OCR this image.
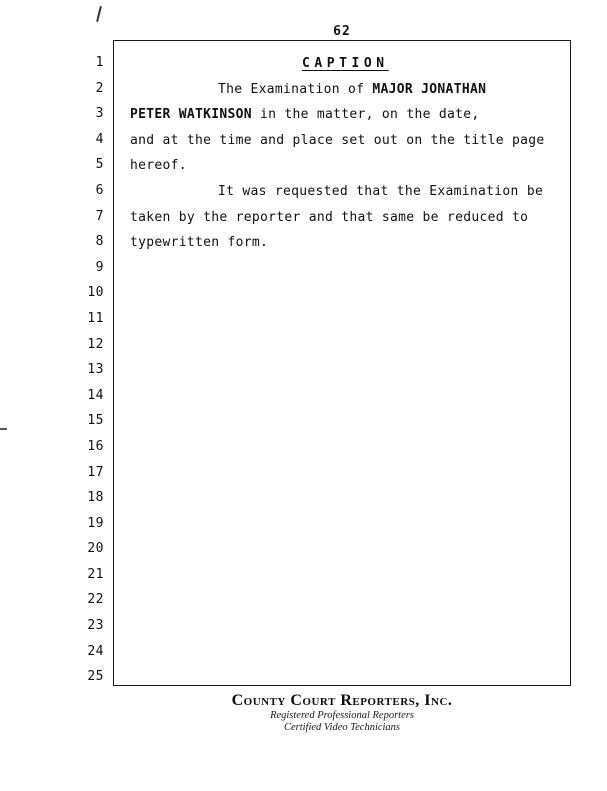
62
1
2
3
4
5
6
7
8
9
10
11
12
13
14
15
16
17
18
19
20
21
22
23
24
25
CAPTION
The Examination of MAJOR JONATHAN
PETER WATKINSON in the matter, on the date,
and at the time and place set out on the title page
hereof.
It was requested that the Examination be
taken by the reporter and that same be reduced to
typewritten form.
County Court Reporters, Inc.
Registered Professional Reporters
Certified Video Technicians
